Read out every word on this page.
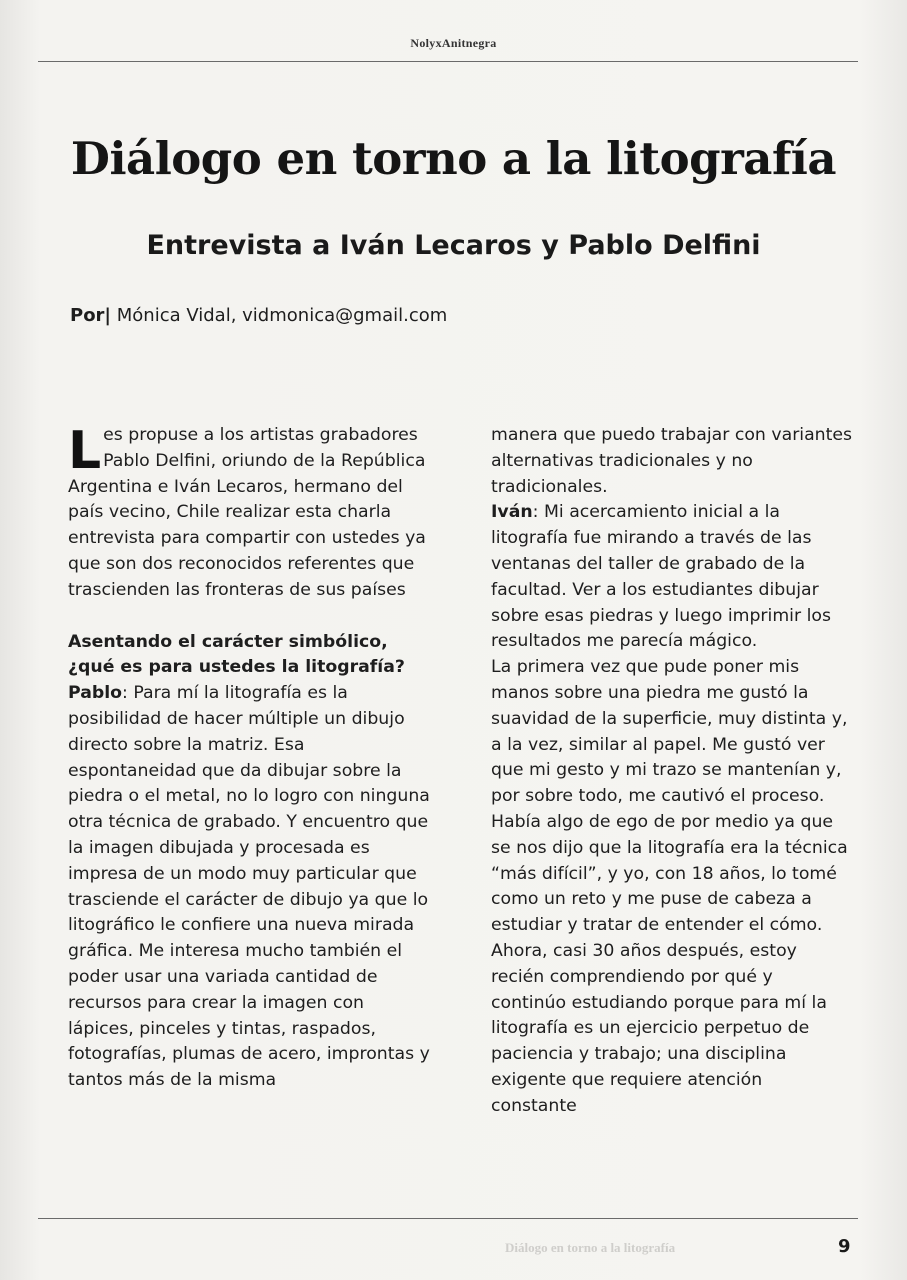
NolyxAnitnegra
Diálogo en torno a la litografía
Entrevista a Iván Lecaros y Pablo Delfini
Por| Mónica Vidal, vidmonica@gmail.com

Les propuse a los artistas grabadores Pablo Delfini, oriundo de la República Argentina e Iván Lecaros, hermano del país vecino, Chile realizar esta charla entrevista para compartir con ustedes ya que son dos reconocidos referentes que trascienden las fronteras de sus países

Asentando el carácter simbólico, ¿qué es para ustedes la litografía?

Pablo: Para mí la litografía es la posibilidad de hacer múltiple un dibujo directo sobre la matriz. Esa espontaneidad que da dibujar sobre la piedra o el metal, no lo logro con ninguna otra técnica de grabado. Y encuentro que la imagen dibujada y procesada es impresa de un modo muy particular que trasciende el carácter de dibujo ya que lo litográfico le confiere una nueva mirada gráfica. Me interesa mucho también el poder usar una variada cantidad de recursos para crear la imagen con lápices, pinceles y tintas, raspados, fotografías, plumas de acero, improntas y tantos más de la misma

manera que puedo trabajar con variantes alternativas tradicionales y no tradicionales.

Iván: Mi acercamiento inicial a la litografía fue mirando a través de las ventanas del taller de grabado de la facultad. Ver a los estudiantes dibujar sobre esas piedras y luego imprimir los resultados me parecía mágico.

La primera vez que pude poner mis manos sobre una piedra me gustó la suavidad de la superficie, muy distinta y, a la vez, similar al papel. Me gustó ver que mi gesto y mi trazo se mantenían y, por sobre todo, me cautivó el proceso. Había algo de ego de por medio ya que se nos dijo que la litografía era la técnica “más difícil”, y yo, con 18 años, lo tomé como un reto y me puse de cabeza a estudiar y tratar de entender el cómo.

Ahora, casi 30 años después, estoy recién comprendiendo por qué y continúo estudiando porque para mí la litografía es un ejercicio perpetuo de paciencia y trabajo; una disciplina exigente que requiere atención constante

Diálogo en torno a la litografía	9
